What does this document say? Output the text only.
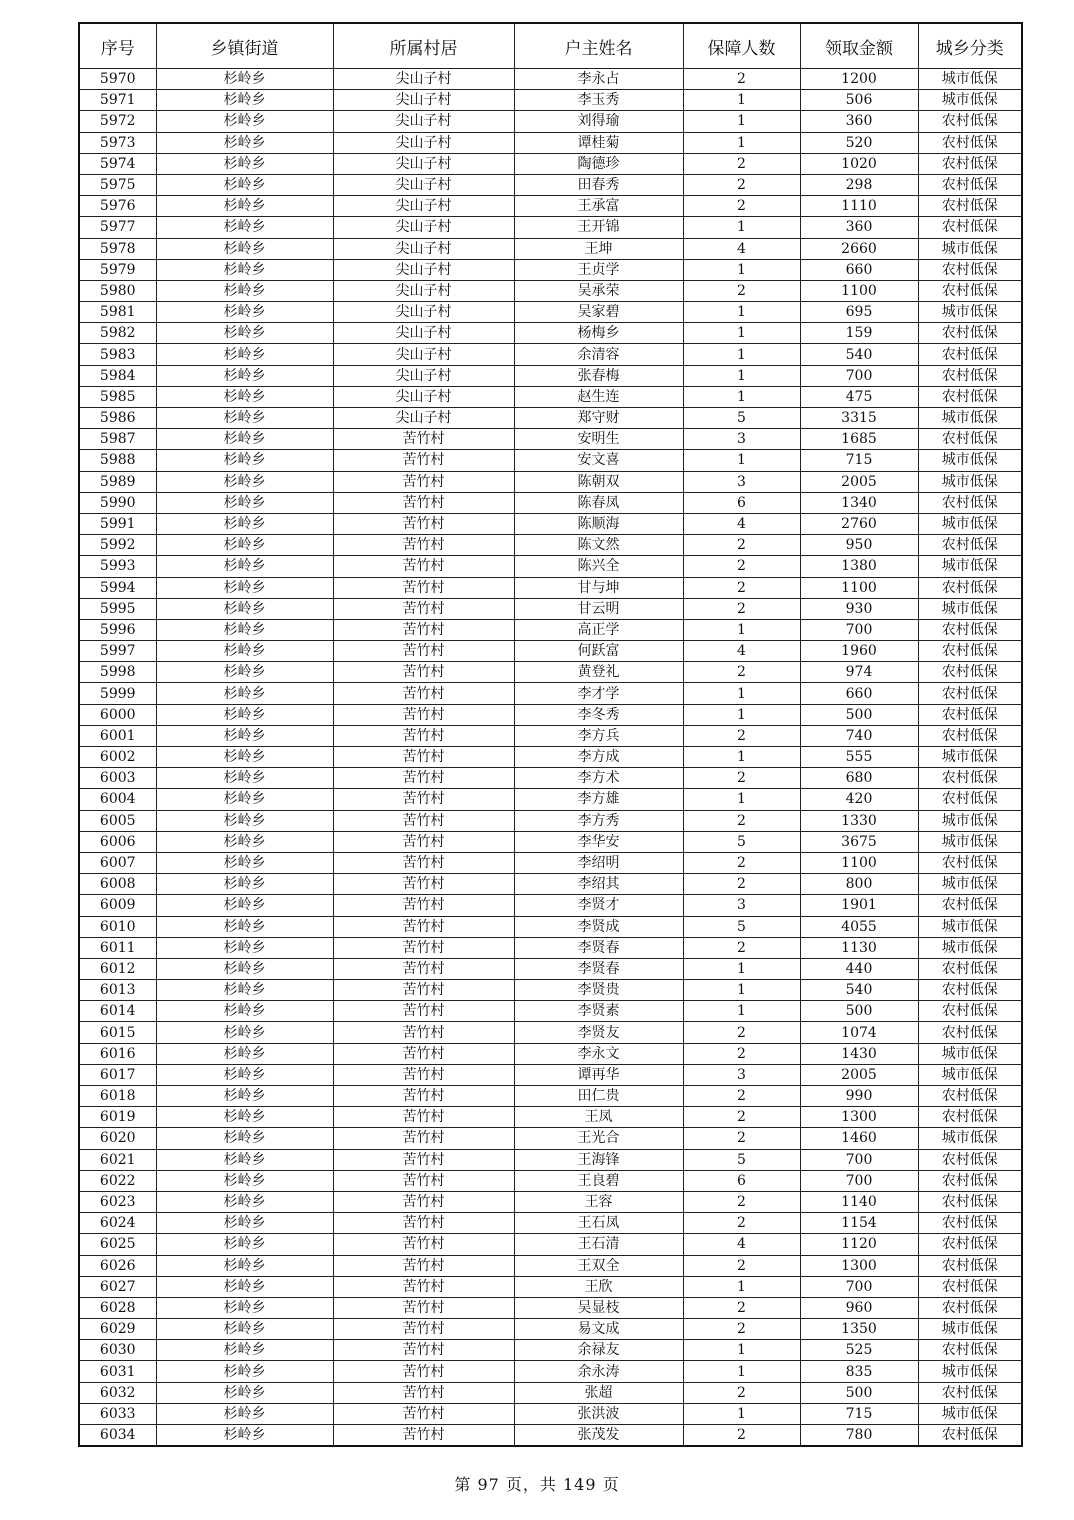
序号	乡镇街道	所属村居	户主姓名	保障人数	领取金额	城乡分类
5970	杉岭乡	尖山子村	李永占	2	1200	城市低保
5971	杉岭乡	尖山子村	李玉秀	1	506	城市低保
5972	杉岭乡	尖山子村	刘得瑜	1	360	农村低保
5973	杉岭乡	尖山子村	谭桂菊	1	520	农村低保
5974	杉岭乡	尖山子村	陶德珍	2	1020	农村低保
5975	杉岭乡	尖山子村	田春秀	2	298	农村低保
5976	杉岭乡	尖山子村	王承富	2	1110	农村低保
5977	杉岭乡	尖山子村	王开锦	1	360	农村低保
5978	杉岭乡	尖山子村	王坤	4	2660	城市低保
5979	杉岭乡	尖山子村	王贞学	1	660	农村低保
5980	杉岭乡	尖山子村	吴承荣	2	1100	农村低保
5981	杉岭乡	尖山子村	吴家碧	1	695	城市低保
5982	杉岭乡	尖山子村	杨梅乡	1	159	农村低保
5983	杉岭乡	尖山子村	余清容	1	540	农村低保
5984	杉岭乡	尖山子村	张春梅	1	700	农村低保
5985	杉岭乡	尖山子村	赵生连	1	475	农村低保
5986	杉岭乡	尖山子村	郑守财	5	3315	城市低保
5987	杉岭乡	苦竹村	安明生	3	1685	农村低保
5988	杉岭乡	苦竹村	安文喜	1	715	城市低保
5989	杉岭乡	苦竹村	陈朝双	3	2005	城市低保
5990	杉岭乡	苦竹村	陈春凤	6	1340	农村低保
5991	杉岭乡	苦竹村	陈顺海	4	2760	城市低保
5992	杉岭乡	苦竹村	陈文然	2	950	农村低保
5993	杉岭乡	苦竹村	陈兴全	2	1380	城市低保
5994	杉岭乡	苦竹村	甘与坤	2	1100	农村低保
5995	杉岭乡	苦竹村	甘云明	2	930	城市低保
5996	杉岭乡	苦竹村	高正学	1	700	农村低保
5997	杉岭乡	苦竹村	何跃富	4	1960	农村低保
5998	杉岭乡	苦竹村	黄登礼	2	974	农村低保
5999	杉岭乡	苦竹村	李才学	1	660	农村低保
6000	杉岭乡	苦竹村	李冬秀	1	500	农村低保
6001	杉岭乡	苦竹村	李方兵	2	740	农村低保
6002	杉岭乡	苦竹村	李方成	1	555	城市低保
6003	杉岭乡	苦竹村	李方术	2	680	农村低保
6004	杉岭乡	苦竹村	李方雄	1	420	农村低保
6005	杉岭乡	苦竹村	李方秀	2	1330	城市低保
6006	杉岭乡	苦竹村	李华安	5	3675	城市低保
6007	杉岭乡	苦竹村	李绍明	2	1100	农村低保
6008	杉岭乡	苦竹村	李绍其	2	800	城市低保
6009	杉岭乡	苦竹村	李贤才	3	1901	农村低保
6010	杉岭乡	苦竹村	李贤成	5	4055	城市低保
6011	杉岭乡	苦竹村	李贤春	2	1130	城市低保
6012	杉岭乡	苦竹村	李贤春	1	440	农村低保
6013	杉岭乡	苦竹村	李贤贵	1	540	农村低保
6014	杉岭乡	苦竹村	李贤素	1	500	农村低保
6015	杉岭乡	苦竹村	李贤友	2	1074	农村低保
6016	杉岭乡	苦竹村	李永文	2	1430	城市低保
6017	杉岭乡	苦竹村	谭再华	3	2005	城市低保
6018	杉岭乡	苦竹村	田仁贵	2	990	农村低保
6019	杉岭乡	苦竹村	王凤	2	1300	农村低保
6020	杉岭乡	苦竹村	王光合	2	1460	城市低保
6021	杉岭乡	苦竹村	王海锋	5	700	农村低保
6022	杉岭乡	苦竹村	王良碧	6	700	农村低保
6023	杉岭乡	苦竹村	王容	2	1140	农村低保
6024	杉岭乡	苦竹村	王石凤	2	1154	农村低保
6025	杉岭乡	苦竹村	王石清	4	1120	农村低保
6026	杉岭乡	苦竹村	王双全	2	1300	农村低保
6027	杉岭乡	苦竹村	王欣	1	700	农村低保
6028	杉岭乡	苦竹村	吴显枝	2	960	农村低保
6029	杉岭乡	苦竹村	易文成	2	1350	城市低保
6030	杉岭乡	苦竹村	余禄友	1	525	农村低保
6031	杉岭乡	苦竹村	余永涛	1	835	城市低保
6032	杉岭乡	苦竹村	张超	2	500	农村低保
6033	杉岭乡	苦竹村	张洪波	1	715	城市低保
6034	杉岭乡	苦竹村	张茂发	2	780	农村低保
第 97 页，共 149 页
